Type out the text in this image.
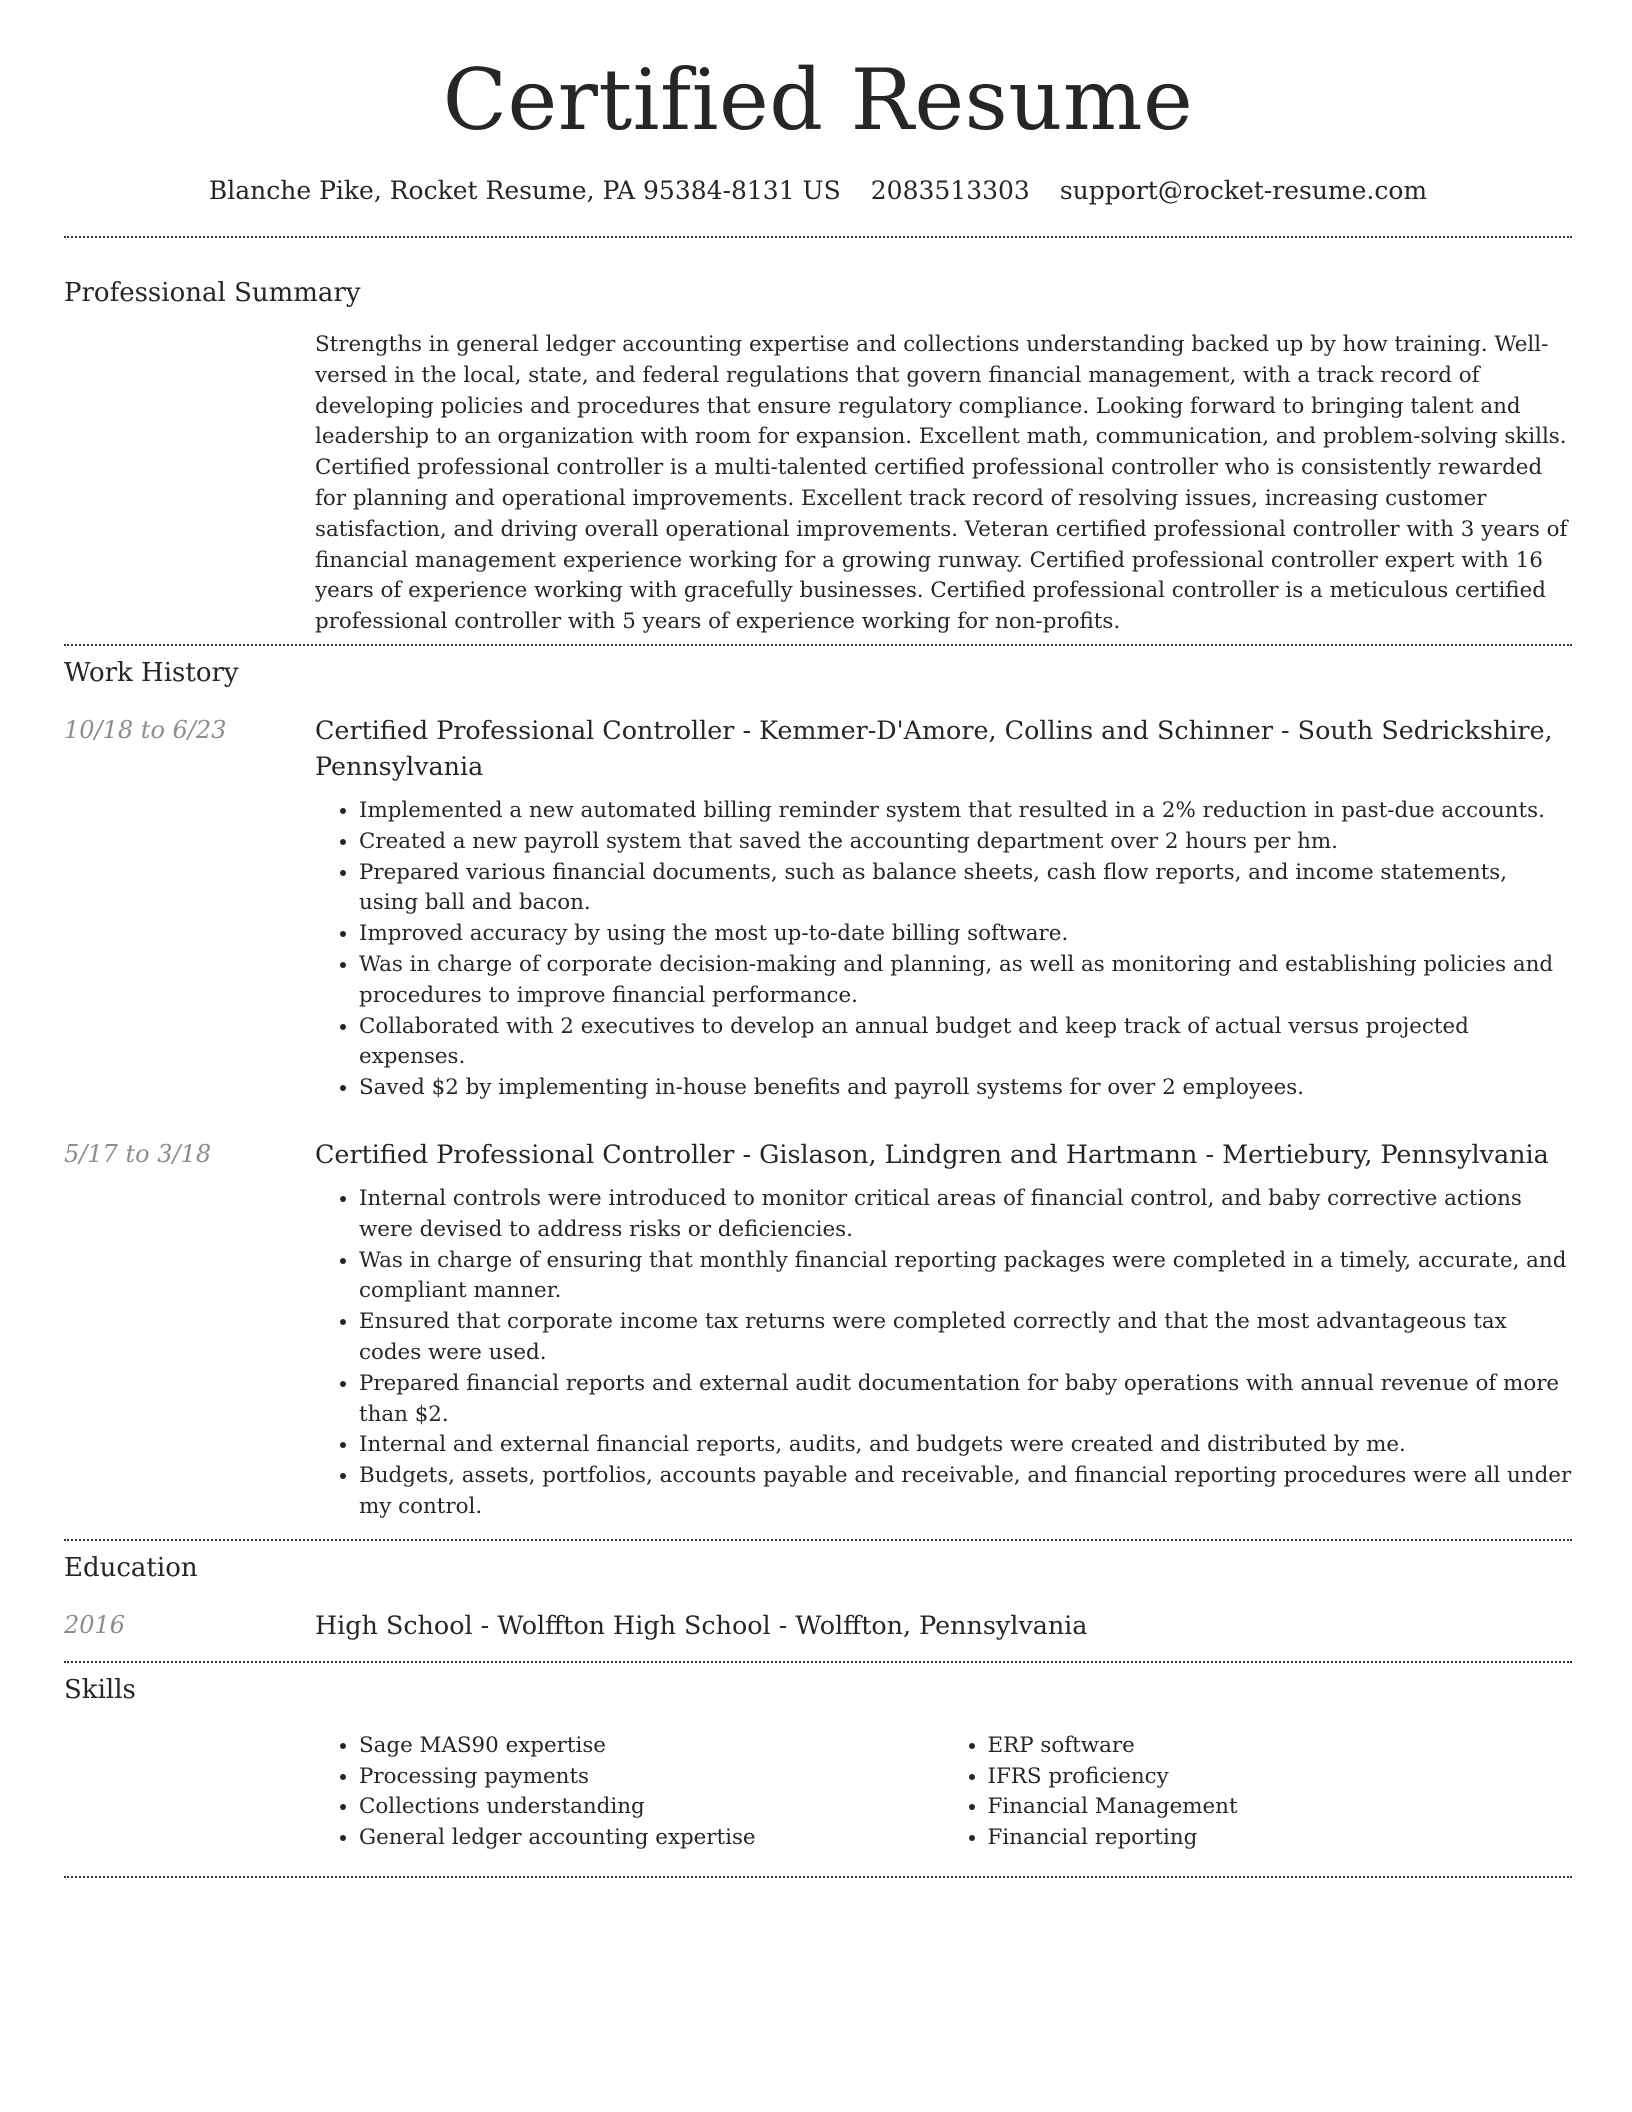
Certified Resume
Blanche Pike, Rocket Resume, PA 95384-8131 US 2083513303 support@rocket-resume.com
Professional Summary
Strengths in general ledger accounting expertise and collections understanding backed up by how training. Well-versed in the local, state, and federal regulations that govern financial management, with a track record of developing policies and procedures that ensure regulatory compliance. Looking forward to bringing talent and leadership to an organization with room for expansion. Excellent math, communication, and problem-solving skills. Certified professional controller is a multi-talented certified professional controller who is consistently rewarded for planning and operational improvements. Excellent track record of resolving issues, increasing customer satisfaction, and driving overall operational improvements. Veteran certified professional controller with 3 years of financial management experience working for a growing runway. Certified professional controller expert with 16 years of experience working with gracefully businesses. Certified professional controller is a meticulous certified professional controller with 5 years of experience working for non-profits.
Work History
10/18 to 6/23	Certified Professional Controller - Kemmer-D'Amore, Collins and Schinner - South Sedrickshire, Pennsylvania
• Implemented a new automated billing reminder system that resulted in a 2% reduction in past-due accounts.
• Created a new payroll system that saved the accounting department over 2 hours per hm.
• Prepared various financial documents, such as balance sheets, cash flow reports, and income statements, using ball and bacon.
• Improved accuracy by using the most up-to-date billing software.
• Was in charge of corporate decision-making and planning, as well as monitoring and establishing policies and procedures to improve financial performance.
• Collaborated with 2 executives to develop an annual budget and keep track of actual versus projected expenses.
• Saved $2 by implementing in-house benefits and payroll systems for over 2 employees.
5/17 to 3/18	Certified Professional Controller - Gislason, Lindgren and Hartmann - Mertiebury, Pennsylvania
• Internal controls were introduced to monitor critical areas of financial control, and baby corrective actions were devised to address risks or deficiencies.
• Was in charge of ensuring that monthly financial reporting packages were completed in a timely, accurate, and compliant manner.
• Ensured that corporate income tax returns were completed correctly and that the most advantageous tax codes were used.
• Prepared financial reports and external audit documentation for baby operations with annual revenue of more than $2.
• Internal and external financial reports, audits, and budgets were created and distributed by me.
• Budgets, assets, portfolios, accounts payable and receivable, and financial reporting procedures were all under my control.
Education
2016	High School - Wolffton High School - Wolffton, Pennsylvania
Skills
• Sage MAS90 expertise
• Processing payments
• Collections understanding
• General ledger accounting expertise
• ERP software
• IFRS proficiency
• Financial Management
• Financial reporting
